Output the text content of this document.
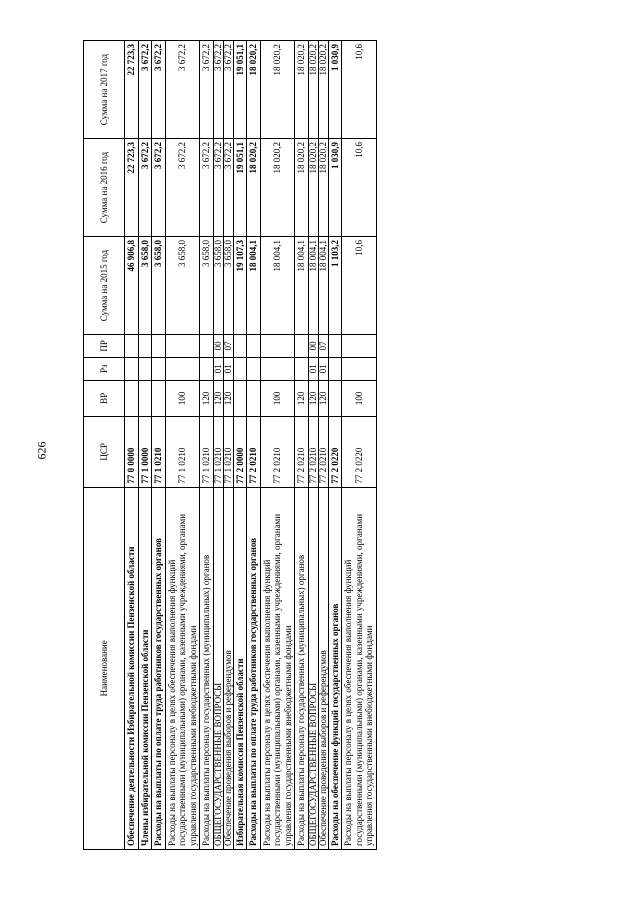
626
Наименование	ЦСР	ВР	Рз	ПР	Сумма на 2015 год	Сумма на 2016 год	Сумма на 2017 год
Обеспечение деятельности Избирательной комиссии Пензенской области	77 0 0000				46 906,8	22 723,3	22 723,3
Члены избирательной комиссии Пензенской области	77 1 0000				3 658,0	3 672,2	3 672,2
Расходы на выплаты по оплате труда работников государственных органов	77 1 0210				3 658,0	3 672,2	3 672,2
Расходы на выплаты персоналу в целях обеспечения выполнения функций государственными (муниципальными) органами, казенными учреждениями, органами управления государственными внебюджетными фондами	77 1 0210	100			3 658,0	3 672,2	3 672,2
Расходы на выплаты персоналу государственных (муниципальных) органов	77 1 0210	120			3 658,0	3 672,2	3 672,2
ОБЩЕГОСУДАРСТВЕННЫЕ ВОПРОСЫ	77 1 0210	120	01	00	3 658,0	3 672,2	3 672,2
Обеспечение проведения выборов и референдумов	77 1 0210	120	01	07	3 658,0	3 672,2	3 672,2
Избирательная комиссия Пензенской области	77 2 0000				19 107,3	19 051,1	19 051,1
Расходы на выплаты по оплате труда работников государственных органов	77 2 0210				18 004,1	18 020,2	18 020,2
Расходы на выплаты персоналу в целях обеспечения выполнения функций государственными (муниципальными) органами, казенными учреждениями, органами управления государственными внебюджетными фондами	77 2 0210	100			18 004,1	18 020,2	18 020,2
Расходы на выплаты персоналу государственных (муниципальных) органов	77 2 0210	120			18 004,1	18 020,2	18 020,2
ОБЩЕГОСУДАРСТВЕННЫЕ ВОПРОСЫ	77 2 0210	120	01	00	18 004,1	18 020,2	18 020,2
Обеспечение проведения выборов и референдумов	77 2 0210	120	01	07	18 004,1	18 020,2	18 020,2
Расходы на обеспечение функций государственных органов	77 2 0220				1 103,2	1 030,9	1 030,9
Расходы на выплаты персоналу в целях обеспечения выполнения функций государственными (муниципальными) органами, казенными учреждениями, органами управления государственными внебюджетными фондами	77 2 0220	100			10,6	10,6	10,6
